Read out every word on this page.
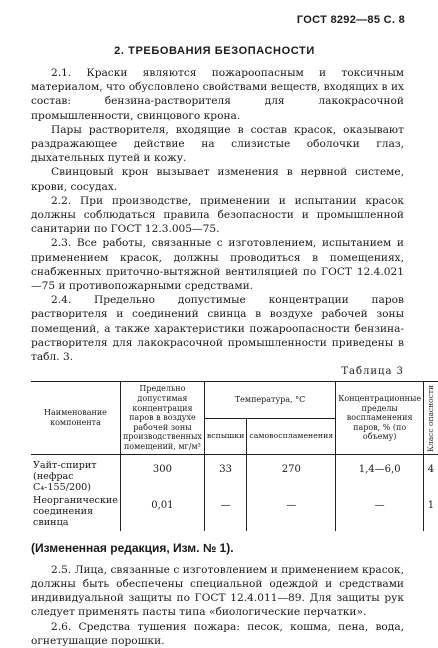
ГОСТ 8292—85 С. 8
2. ТРЕБОВАНИЯ БЕЗОПАСНОСТИ

2.1. Краски являются пожароопасным и токсичным материалом, что обусловлено свойствами веществ, входящих в их состав: бензина-растворителя для лакокрасочной промышленности, свинцового крона.

Пары растворителя, входящие в состав красок, оказывают раздражающее действие на слизистые оболочки глаз, дыхательных путей и кожу.

Свинцовый крон вызывает изменения в нервной системе, крови, сосудах.

2.2. При производстве, применении и испытании красок должны соблюдаться правила безопасности и промышленной санитарии по ГОСТ 12.3.005—75.

2.3. Все работы, связанные с изготовлением, испытанием и применением красок, должны проводиться в помещениях, снабженных приточно-вытяжной вентиляцией по ГОСТ 12.4.021—75 и противопожарными средствами.

2.4. Предельно допустимые концентрации паров растворителя и соединений свинца в воздухе рабочей зоны помещений, а также характеристики пожароопасности бензина-растворителя для лакокрасочной промышленности приведены в табл. 3.

Таблица 3

Наименование компонента	Предельно допустимая концентрация паров в воздухе рабочей зоны производственных помещений, мг/м³	Температура, °С		Концентрационные пределы воспламенения паров, % (по объему)	Класс опасности

		вспышки	самовоспламенения		
Уайт-спирит (нефрас С₄-155/200)	300	33	270	1,4—6,0	4
Неорганические соединения свинца	0,01	—	—	—	1

(Измененная редакция, Изм. № 1).

2.5. Лица, связанные с изготовлением и применением красок, должны быть обеспечены специальной одеждой и средствами индивидуальной защиты по ГОСТ 12.4.011—89. Для защиты рук следует применять пасты типа «биологические перчатки».

2.6. Средства тушения пожара: песок, кошма, пена, вода, огнетушащие порошки.
